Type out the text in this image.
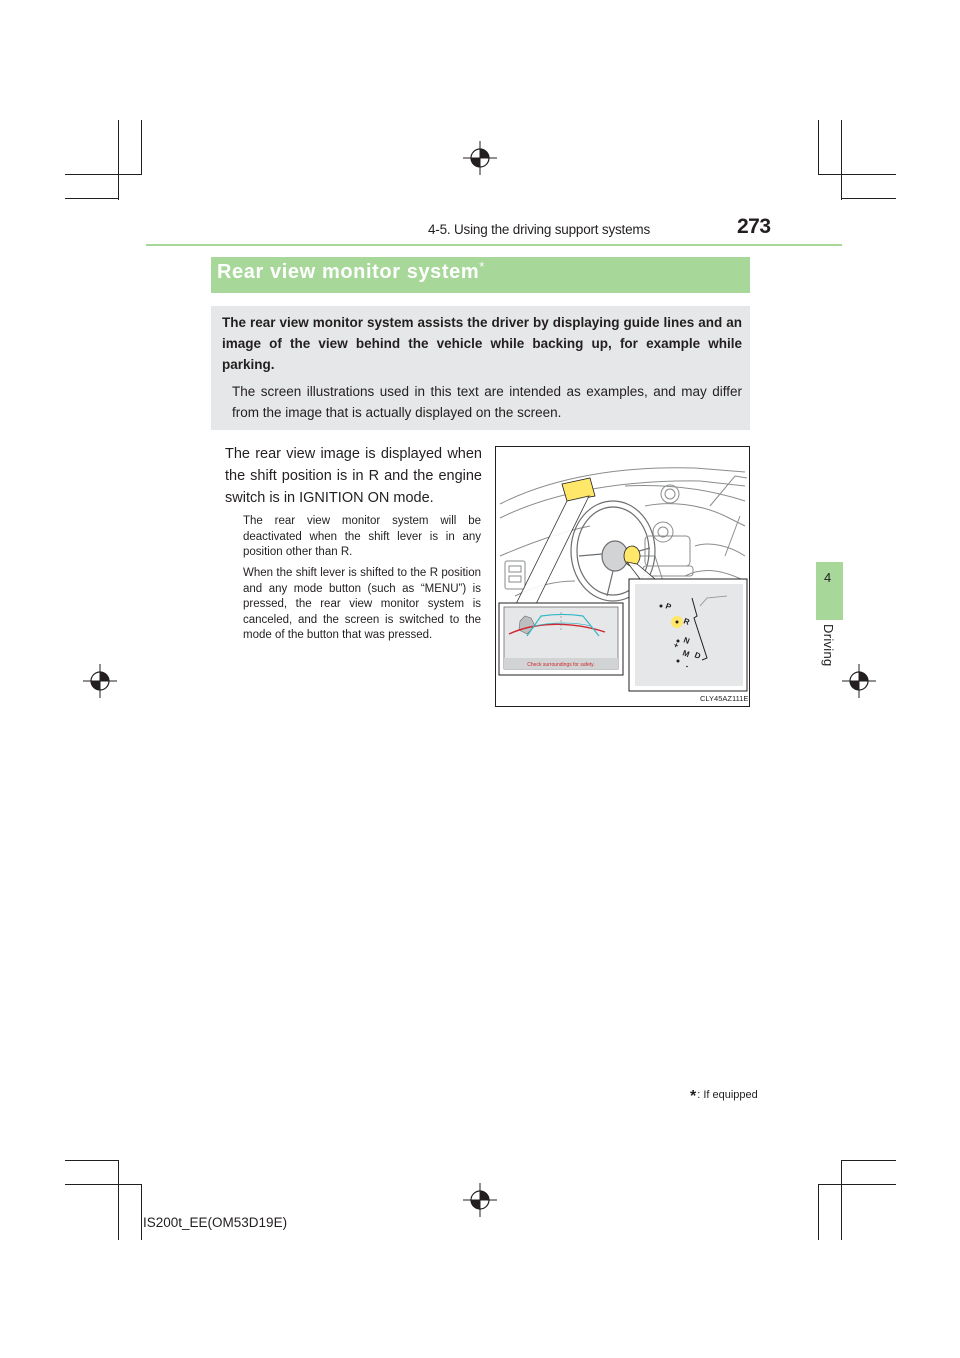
4-5. Using the driving support systems	273
4
Driving
Rear view monitor system*
The rear view monitor system assists the driver by displaying guide lines and an image of the view behind the vehicle while backing up, for example while parking.
The screen illustrations used in this text are intended as examples, and may differ from the image that is actually displayed on the screen.
The rear view image is displayed when the shift position is in R and the engine switch is in IGNITION ON mode.
The rear view monitor system will be deactivated when the shift lever is in any position other than R.
When the shift lever is shifted to the R position and any mode button (such as “MENU”) is pressed, the rear view monitor system is canceled, and the screen is switched to the mode of the button that was pressed.
Check surroundings for safety.
P
R
N
D
M
+
-
CLY45AZ111E
*: If equipped
IS200t_EE(OM53D19E)
